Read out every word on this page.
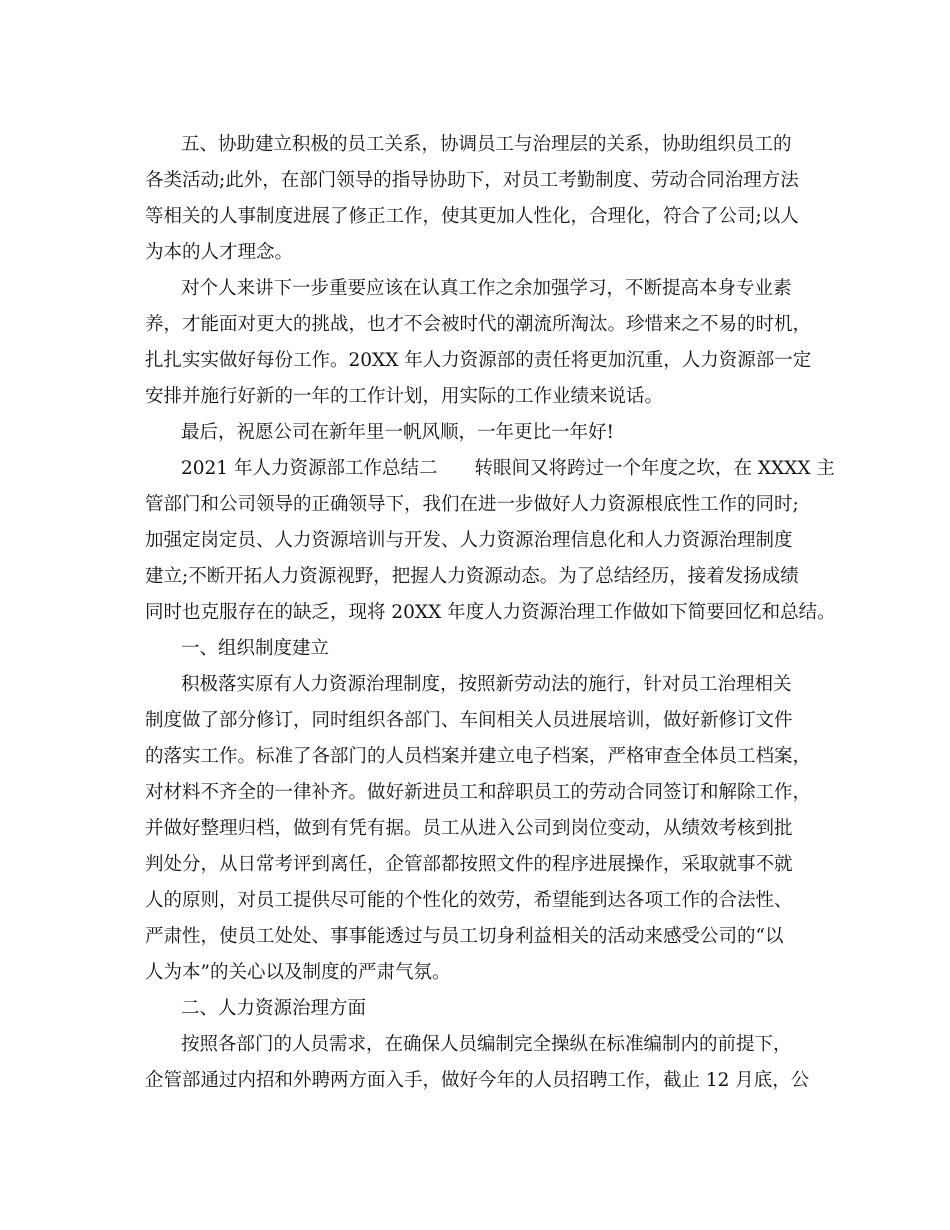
五、协助建立积极的员工关系，协调员工与治理层的关系，协助组织员工的
各类活动;此外，在部门领导的指导协助下，对员工考勤制度、劳动合同治理方法
等相关的人事制度进展了修正工作，使其更加人性化，合理化，符合了公司;以人
为本的人才理念。
对个人来讲下一步重要应该在认真工作之余加强学习，不断提高本身专业素
养，才能面对更大的挑战，也才不会被时代的潮流所淘汰。珍惜来之不易的时机，
扎扎实实做好每份工作。20XX 年人力资源部的责任将更加沉重，人力资源部一定
安排并施行好新的一年的工作计划，用实际的工作业绩来说话。
最后，祝愿公司在新年里一帆风顺，一年更比一年好!
2021 年人力资源部工作总结二　　转眼间又将跨过一个年度之坎，在 XXXX 主
管部门和公司领导的正确领导下，我们在进一步做好人力资源根底性工作的同时;
加强定岗定员、人力资源培训与开发、人力资源治理信息化和人力资源治理制度
建立;不断开拓人力资源视野，把握人力资源动态。为了总结经历，接着发扬成绩
同时也克服存在的缺乏，现将 20XX 年度人力资源治理工作做如下简要回忆和总结。
一、组织制度建立
积极落实原有人力资源治理制度，按照新劳动法的施行，针对员工治理相关
制度做了部分修订，同时组织各部门、车间相关人员进展培训，做好新修订文件
的落实工作。标准了各部门的人员档案并建立电子档案，严格审查全体员工档案，
对材料不齐全的一律补齐。做好新进员工和辞职员工的劳动合同签订和解除工作，
并做好整理归档，做到有凭有据。员工从进入公司到岗位变动，从绩效考核到批
判处分，从日常考评到离任，企管部都按照文件的程序进展操作，采取就事不就
人的原则，对员工提供尽可能的个性化的效劳，希望能到达各项工作的合法性、
严肃性，使员工处处、事事能透过与员工切身利益相关的活动来感受公司的“以
人为本”的关心以及制度的严肃气氛。
二、人力资源治理方面
按照各部门的人员需求，在确保人员编制完全操纵在标准编制内的前提下，
企管部通过内招和外聘两方面入手，做好今年的人员招聘工作，截止 12 月底，公
